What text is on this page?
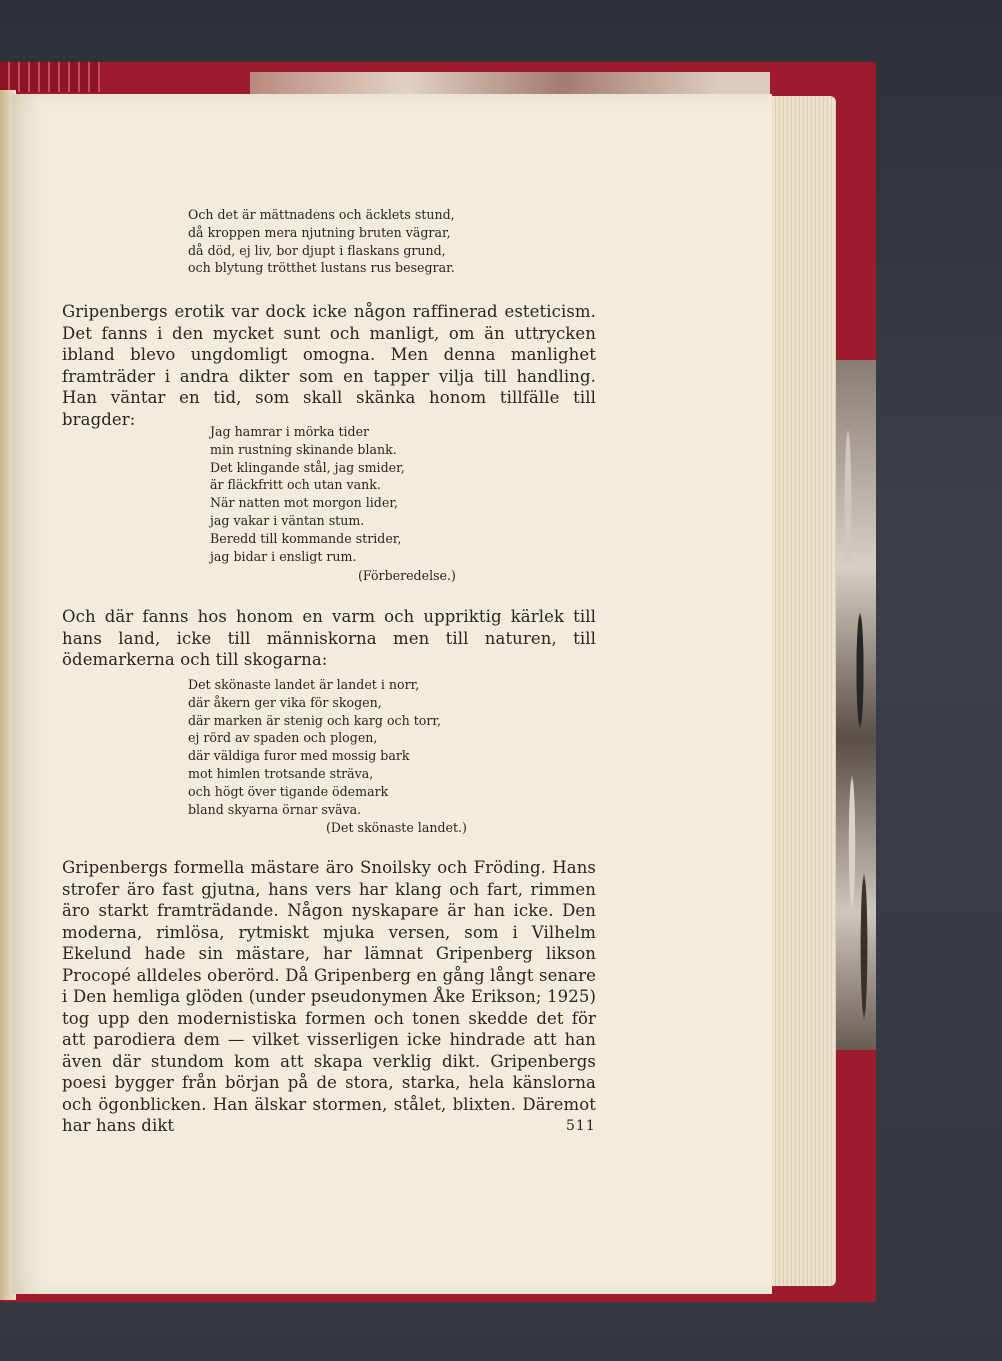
Och det är mättnadens och äcklets stund,
då kroppen mera njutning bruten vägrar,
då död, ej liv, bor djupt i flaskans grund,
och blytung trötthet lustans rus besegrar.
Gripenbergs erotik var dock icke någon raffinerad esteticism. Det fanns i den mycket sunt och manligt, om än uttrycken ibland blevo ungdomligt omogna. Men denna manlighet framträder i andra dikter som en tapper vilja till handling. Han väntar en tid, som skall skänka honom tillfälle till bragder:
Jag hamrar i mörka tider
min rustning skinande blank.
Det klingande stål, jag smider,
är fläckfritt och utan vank.
När natten mot morgon lider,
jag vakar i väntan stum.
Beredd till kommande strider,
jag bidar i ensligt rum.
(Förberedelse.)
Och där fanns hos honom en varm och uppriktig kärlek till hans land, icke till människorna men till naturen, till ödemarkerna och till skogarna:
Det skönaste landet är landet i norr,
där åkern ger vika för skogen,
där marken är stenig och karg och torr,
ej rörd av spaden och plogen,
där väldiga furor med mossig bark
mot himlen trotsande sträva,
och högt över tigande ödemark
bland skyarna örnar sväva.
(Det skönaste landet.)
Gripenbergs formella mästare äro Snoilsky och Fröding. Hans strofer äro fast gjutna, hans vers har klang och fart, rimmen äro starkt framträdande. Någon nyskapare är han icke. Den moderna, rimlösa, rytmiskt mjuka versen, som i Vilhelm Ekelund hade sin mästare, har lämnat Gripenberg likson Procopé alldeles oberörd. Då Gripenberg en gång långt senare i Den hemliga glöden (under pseudonymen Åke Erikson; 1925) tog upp den modernistiska formen och tonen skedde det för att parodiera dem — vilket visserligen icke hindrade att han även där stundom kom att skapa verklig dikt. Gripenbergs poesi bygger från början på de stora, starka, hela känslorna och ögonblicken. Han älskar stormen, stålet, blixten. Däremot har hans dikt	511
